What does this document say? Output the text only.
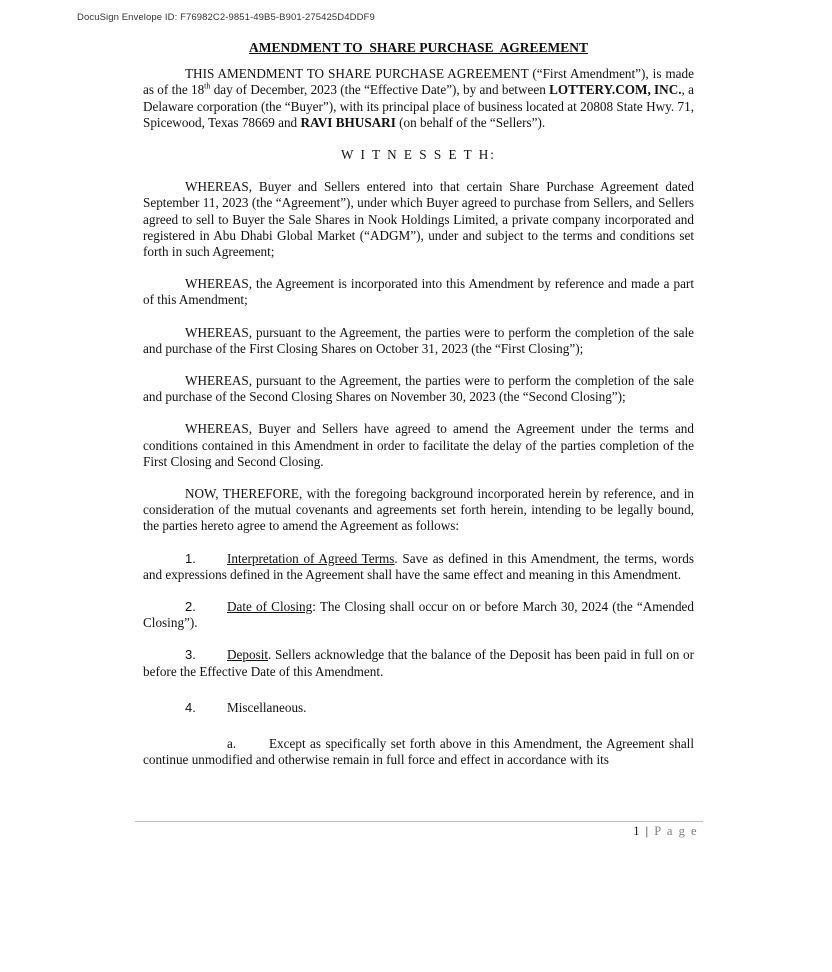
DocuSign Envelope ID: F76982C2-9851-49B5-B901-275425D4DDF9
AMENDMENT TO  SHARE PURCHASE  AGREEMENT

THIS AMENDMENT TO SHARE PURCHASE AGREEMENT (“First Amendment”), is made as of the 18th day of December, 2023 (the “Effective Date”), by and between LOTTERY.COM, INC., a Delaware corporation (the “Buyer”), with its principal place of business located at 20808 State Hwy. 71, Spicewood, Texas 78669 and RAVI BHUSARI (on behalf of the “Sellers”).

W I T N E S S E T H:

WHEREAS, Buyer and Sellers entered into that certain Share Purchase Agreement dated September 11, 2023 (the “Agreement”), under which Buyer agreed to purchase from Sellers, and Sellers agreed to sell to Buyer the Sale Shares in Nook Holdings Limited, a private company incorporated and registered in Abu Dhabi Global Market (“ADGM”), under and subject to the terms and conditions set forth in such Agreement;

WHEREAS, the Agreement is incorporated into this Amendment by reference and made a part of this Amendment;

WHEREAS, pursuant to the Agreement, the parties were to perform the completion of the sale and purchase of the First Closing Shares on October 31, 2023 (the “First Closing”);

WHEREAS, pursuant to the Agreement, the parties were to perform the completion of the sale and purchase of the Second Closing Shares on November 30, 2023 (the “Second Closing”);

WHEREAS, Buyer and Sellers have agreed to amend the Agreement under the terms and conditions contained in this Amendment in order to facilitate the delay of the parties completion of the First Closing and Second Closing.

NOW, THEREFORE, with the foregoing background incorporated herein by reference, and in consideration of the mutual covenants and agreements set forth herein, intending to be legally bound, the parties hereto agree to amend the Agreement as follows:

1. Interpretation of Agreed Terms. Save as defined in this Amendment, the terms, words and expressions defined in the Agreement shall have the same effect and meaning in this Amendment.

2. Date of Closing: The Closing shall occur on or before March 30, 2024 (the “Amended Closing”).

3. Deposit. Sellers acknowledge that the balance of the Deposit has been paid in full on or before the Effective Date of this Amendment.

4. Miscellaneous.

a. Except as specifically set forth above in this Amendment, the Agreement shall continue unmodified and otherwise remain in full force and effect in accordance with its

1 | P a g e
